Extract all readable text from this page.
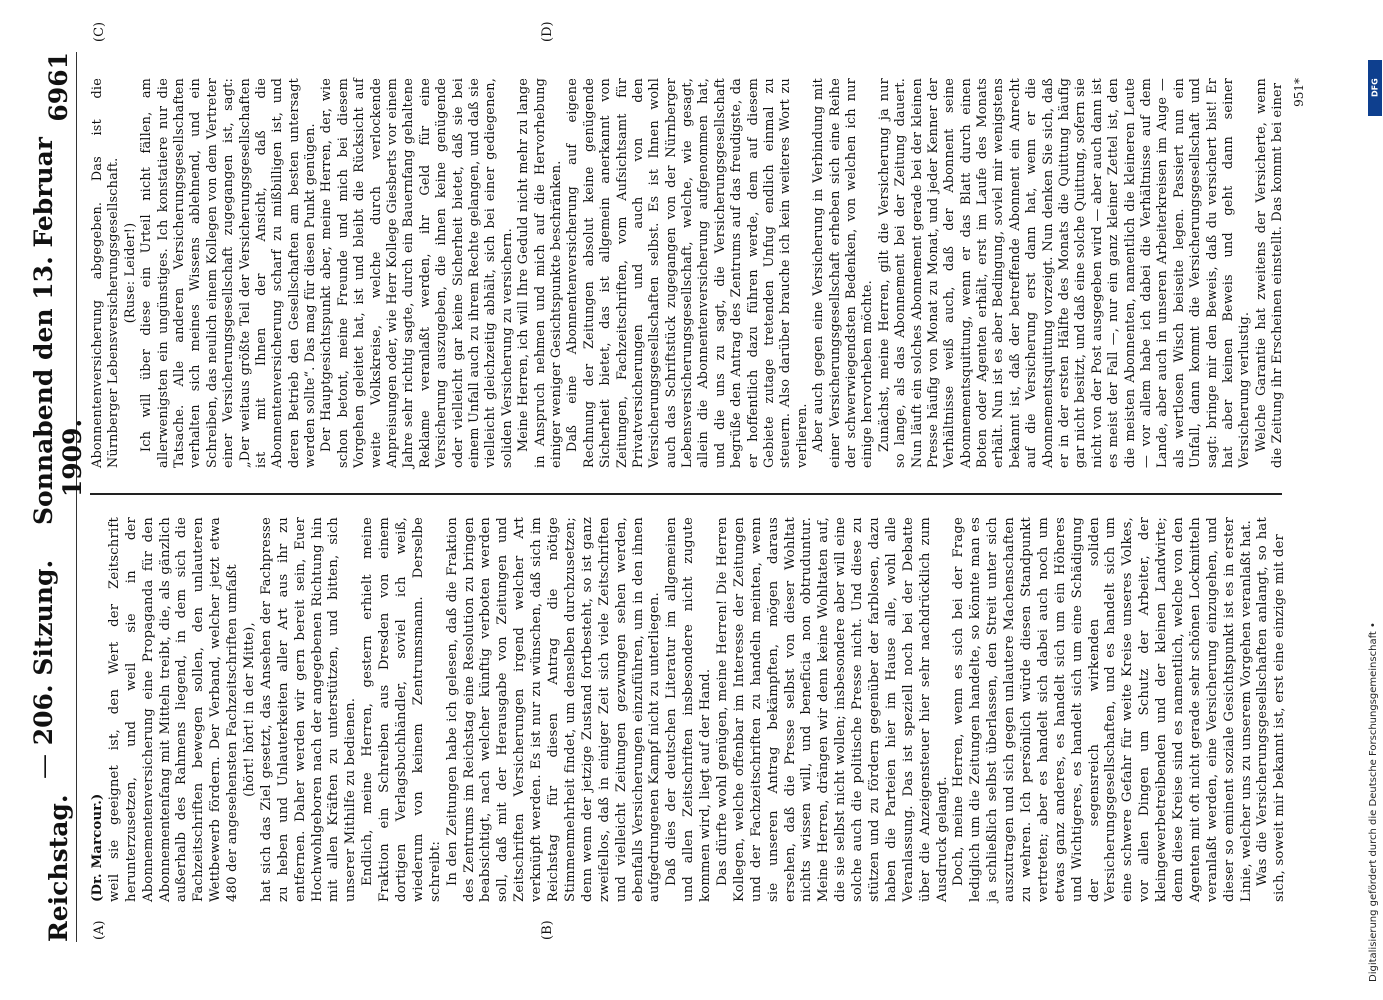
Reichstag.
— 206. Sitzung.    Sonnabend den 13. Februar 1909.
6961
(A)	(B)
(C)	(D)

(Dr. Marcour.) weil sie geeignet ist, den Wert der Zeitschrift herunterzusetzen, und weil sie in der Abonnementenversicherung eine Propaganda für den Abonnementenfang mit Mitteln treibt, die, als gänzlich außerhalb des Rahmens liegend, in dem sich die Fachzeitschriften bewegen sollen, den unlauteren Wettbewerb fördern. Der Verband, welcher jetzt etwa 480 der angesehensten Fachzeitschriften umfaßt (hört! hört! in der Mitte), hat sich das Ziel gesetzt, das Ansehen der Fachpresse zu heben und Unlauterkeiten aller Art aus ihr zu entfernen. Daher werden wir gern bereit sein, Euer Hochwohlgeboren nach der angegebenen Richtung hin mit allen Kräften zu unterstützen, und bitten, sich unserer Mithilfe zu bedienen. Endlich, meine Herren, gestern erhielt meine Fraktion ein Schreiben aus Dresden von einem dortigen Verlagsbuchhändler, soviel ich weiß, wiederum von keinem Zentrumsmann. Derselbe schreibt: In den Zeitungen habe ich gelesen, daß die Fraktion des Zentrums im Reichstag eine Resolution zu bringen beabsichtigt, nach welcher künftig verboten werden soll, daß mit der Herausgabe von Zeitungen und Zeitschriften Versicherungen irgend welcher Art verknüpft werden. Es ist nur zu wünschen, daß sich im Reichstag für diesen Antrag die nötige Stimmenmehrheit findet, um denselben durchzusetzen; denn wenn der jetzige Zustand fortbesteht, so ist ganz zweifellos, daß in einiger Zeit sich viele Zeitschriften und vielleicht Zeitungen gezwungen sehen werden, ebenfalls Versicherungen einzuführen, um in den ihnen aufgedrungenen Kampf nicht zu unterliegen. Daß dies der deutschen Literatur im allgemeinen und allen Zeitschriften insbesondere nicht zugute kommen wird, liegt auf der Hand. Das dürfte wohl genügen, meine Herren! Die Herren Kollegen, welche offenbar im Interesse der Zeitungen und der Fachzeitschriften zu handeln meinten, wenn sie unseren Antrag bekämpften, mögen daraus ersehen, daß die Presse selbst von dieser Wohltat nichts wissen will, und beneficia non obtruduntur. Meine Herren, drängen wir denn keine Wohltaten auf, die sie selbst nicht wollen; insbesondere aber will eine solche auch die politische Presse nicht. Und diese zu stützen und zu fördern gegenüber der farblosen, dazu haben die Parteien hier im Hause alle, wohl alle Veranlassung. Das ist speziell noch bei der Debatte über die Anzeigensteuer hier sehr nachdrücklich zum Ausdruck gelangt. Doch, meine Herren, wenn es sich bei der Frage lediglich um die Zeitungen handelte, so könnte man es ja schließlich selbst überlassen, den Streit unter sich auszutragen und sich gegen unlautere Machenschaften zu wehren. Ich persönlich würde diesen Standpunkt vertreten; aber es handelt sich dabei auch noch um etwas ganz anderes, es handelt sich um ein Höheres und Wichtigeres, es handelt sich um eine Schädigung der segensreich wirkenden soliden Versicherungsgesellschaften, und es handelt sich um eine schwere Gefahr für weite Kreise unseres Volkes, vor allen Dingen um Schutz der Arbeiter, der kleingewerbetreibenden und der kleinen Landwirte; denn diese Kreise sind es namentlich, welche von den Agenten mit oft nicht gerade sehr schönen Lockmitteln veranlaßt werden, eine Versicherung einzugehen, und dieser so eminent soziale Gesichtspunkt ist es in erster Linie, welcher uns zu unserem Vorgehen veranlaßt hat. Was die Versicherungsgesellschaften anlangt, so hat sich, soweit mir bekannt ist, erst eine einzige mit der

Abonnentenversicherung abgegeben. Das ist die Nürnberger Lebensversicherungsgesellschaft. (Ruse: Leider!) Ich will über diese ein Urteil nicht fällen, am allerwenigsten ein ungünstiges. Ich konstatiere nur die Tatsache. Alle anderen Versicherungsgesellschaften verhalten sich meines Wissens ablehnend, und ein Schreiben, das neulich einem Kollegen von dem Vertreter einer Versicherungsgesellschaft zugegangen ist, sagt: „Der weitaus größte Teil der Versicherungsgesellschaften ist mit Ihnen der Ansicht, daß die Abonnentenversicherung scharf zu mißbilligen ist, und deren Betrieb den Gesellschaften am besten untersagt werden sollte“. Das mag für diesen Punkt genügen. Der Hauptgesichtspunkt aber, meine Herren, der, wie schon betont, meine Freunde und mich bei diesem Vorgehen geleitet hat, ist und bleibt die Rücksicht auf weite Volkskreise, welche durch verlockende Anpreisungen oder, wie Herr Kollege Giesberts vor einem Jahre sehr richtig sagte, durch ein Bauernfang gehaltene Reklame veranlaßt werden, ihr Geld für eine Versicherung auszugeben, die ihnen keine genügende oder vielleicht gar keine Sicherheit bietet, daß sie bei einem Unfall auch zu ihrem Rechte gelangen, und daß sie vielleicht gleichzeitig abhält, sich bei einer gediegenen, soliden Versicherung zu versichern. Meine Herren, ich will Ihre Geduld nicht mehr zu lange in Anspruch nehmen und mich auf die Hervorhebung einiger weniger Gesichtspunkte beschränken. Daß eine Abonnentenversicherung auf eigene Rechnung der Zeitungen absolut keine genügende Sicherheit bietet, das ist allgemein anerkannt von Zeitungen, Fachzeitschriften, vom Aufsichtsamt für Privatversicherungen und auch von den Versicherungsgesellschaften selbst. Es ist Ihnen wohl auch das Schriftstück zugegangen von der Nürnberger Lebensversicherungsgesellschaft, welche, wie gesagt, allein die Abonnentenversicherung aufgenommen hat, und die uns zu sagt, die Versicherungsgesellschaft begrüße den Antrag des Zentrums auf das freudigste, da er hoffentlich dazu führen werde, dem auf diesem Gebiete zutage tretenden Unfug endlich einmal zu steuern. Also darüber brauche ich kein weiteres Wort zu verlieren. Aber auch gegen eine Versicherung in Verbindung mit einer Versicherungsgesellschaft erheben sich eine Reihe der schwerwiegendsten Bedenken, von welchen ich nur einige hervorheben möchte. Zunächst, meine Herren, gilt die Versicherung ja nur so lange, als das Abonnement bei der Zeitung dauert. Nun läuft ein solches Abonnement gerade bei der kleinen Presse häufig von Monat zu Monat, und jeder Kenner der Verhältnisse weiß auch, daß der Abonnent seine Abonnementsquittung, wenn er das Blatt durch einen Boten oder Agenten erhält, erst im Laufe des Monats erhält. Nun ist es aber Bedingung, soviel mir wenigstens bekannt ist, daß der betreffende Abonnent ein Anrecht auf die Versicherung erst dann hat, wenn er die Abonnementsquittung vorzeigt. Nun denken Sie sich, daß er in der ersten Hälfte des Monats die Quittung häufig gar nicht besitzt, und daß eine solche Quittung, sofern sie nicht von der Post ausgegeben wird — aber auch dann ist es meist der Fall —, nur ein ganz kleiner Zettel ist, den die meisten Abonnenten, namentlich die kleineren Leute — vor allem habe ich dabei die Verhältnisse auf dem Lande, aber auch in unseren Arbeiterkreisen im Auge — als wertlosen Wisch beiseite legen. Passiert nun ein Unfall, dann kommt die Versicherungsgesellschaft und sagt: bringe mir den Beweis, daß du versichert bist! Er hat aber keinen Beweis und geht dann seiner Versicherung verlustig. Welche Garantie hat zweitens der Versicherte, wenn die Zeitung ihr Erscheinen einstellt. Das kommt bei einer 951*	DFG
Digitalisierung gefördert durch die Deutsche Forschungsgemeinschaft •
